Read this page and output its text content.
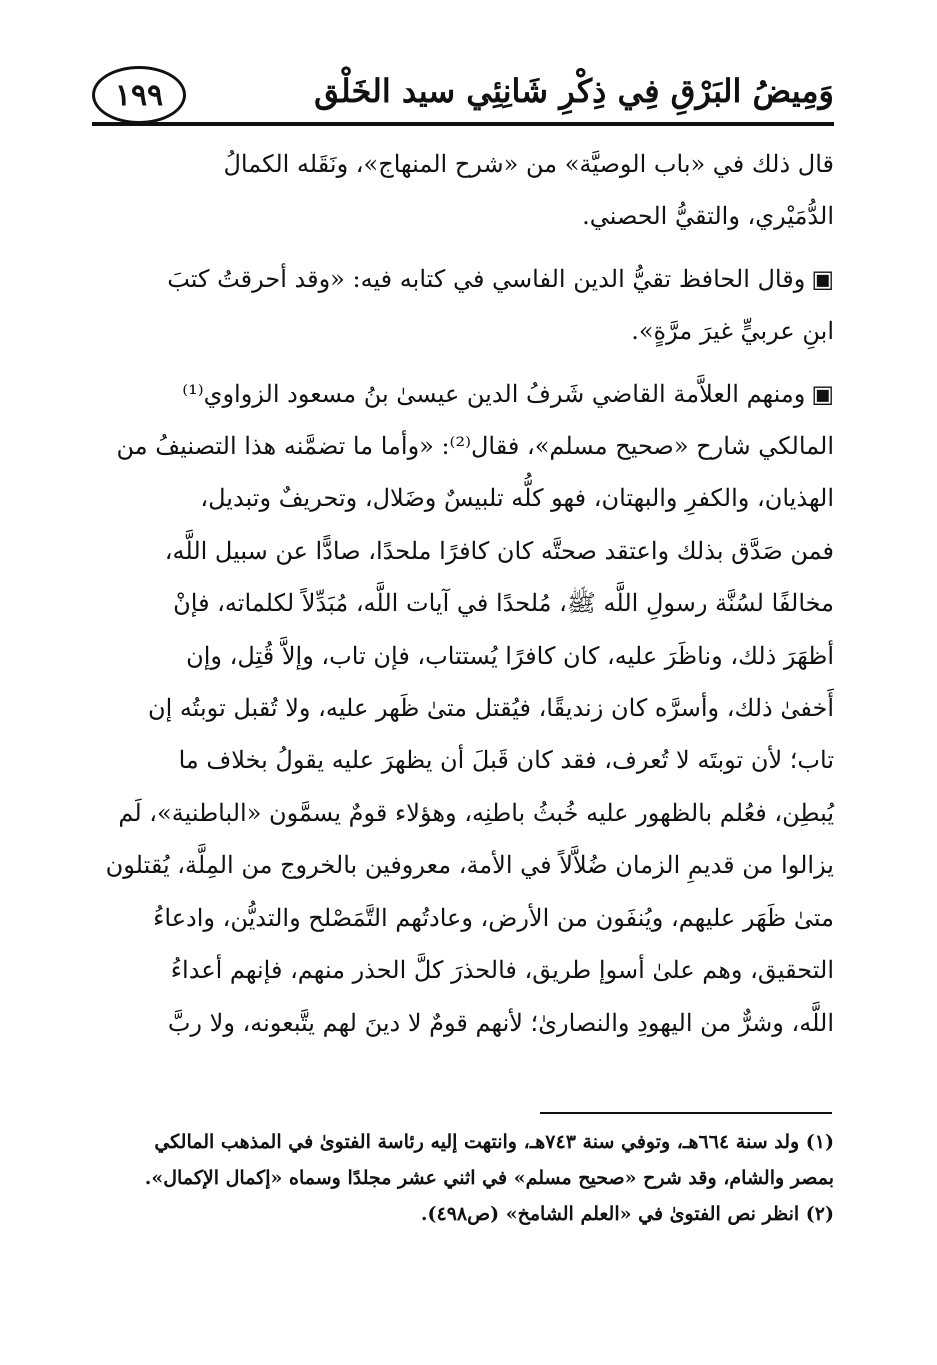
١٩٩	وَمِيضُ البَرْقِ فِي ذِكْرِ شَانِئِي سيد الخَلْق

قال ذلك في «باب الوصيَّة» من «شرح المنهاج»، ونَقَله الكمالُ
الدُّمَيْري، والتقيُّ الحصني.

▣وقال الحافظ تقيُّ الدين الفاسي في كتابه فيه: «وقد أحرقتُ كتبَ
ابنِ عربيٍّ غيرَ مرَّةٍ».

▣ومنهم العلاَّمة القاضي شَرفُ الدين عيسىٰ بنُ مسعود الزواوي⁽¹⁾
المالكي شارح «صحيح مسلم»، فقال⁽²⁾: «وأما ما تضمَّنه هذا التصنيفُ من
الهذيان، والكفرِ والبهتان، فهو كلُّه تلبيسٌ وضَلال، وتحريفٌ وتبديل،
فمن صَدَّق بذلك واعتقد صحتَّه كان كافرًا ملحدًا، صادًّا عن سبيل اللَّه،
مخالفًا لسُنَّة رسولِ اللَّه ﷺ، مُلحدًا في آيات اللَّه، مُبَدِّلاً لكلماته، فإنْ
أظهَرَ ذلك، وناظَرَ عليه، كان كافرًا يُستتاب، فإن تاب، وإلاَّ قُتِل، وإن
أَخفىٰ ذلك، وأسرَّه كان زنديقًا، فيُقتل متىٰ ظَهر عليه، ولا تُقبل توبتُه إن
تاب؛ لأن توبتَه لا تُعرف، فقد كان قَبلَ أن يظهرَ عليه يقولُ بخلاف ما
يُبطِن، فعُلم بالظهور عليه خُبثُ باطنِه، وهؤلاء قومٌ يسمَّون «الباطنية»، لَم
يزالوا من قديمِ الزمان ضُلاَّلاً في الأمة، معروفين بالخروج من المِلَّة، يُقتلون
متىٰ ظَهَر عليهم، ويُنفَون من الأرض، وعادتُهم التَّمَصْلح والتديُّن، وادعاءُ
التحقيق، وهم علىٰ أسوإ طريق، فالحذرَ كلَّ الحذر منهم، فإنهم أعداءُ
اللَّه، وشرٌّ من اليهودِ والنصارىٰ؛ لأنهم قومٌ لا دينَ لهم يتَّبعونه، ولا ربَّ

(١) ولد سنة ٦٦٤هـ، وتوفي سنة ٧٤٣هـ، وانتهت إليه رئاسة الفتوىٰ في المذهب المالكي
بمصر والشام، وقد شرح «صحيح مسلم» في اثني عشر مجلدًا وسماه «إكمال الإكمال».

(٢) انظر نص الفتوىٰ في «العلم الشامخ» (ص٤٩٨).
